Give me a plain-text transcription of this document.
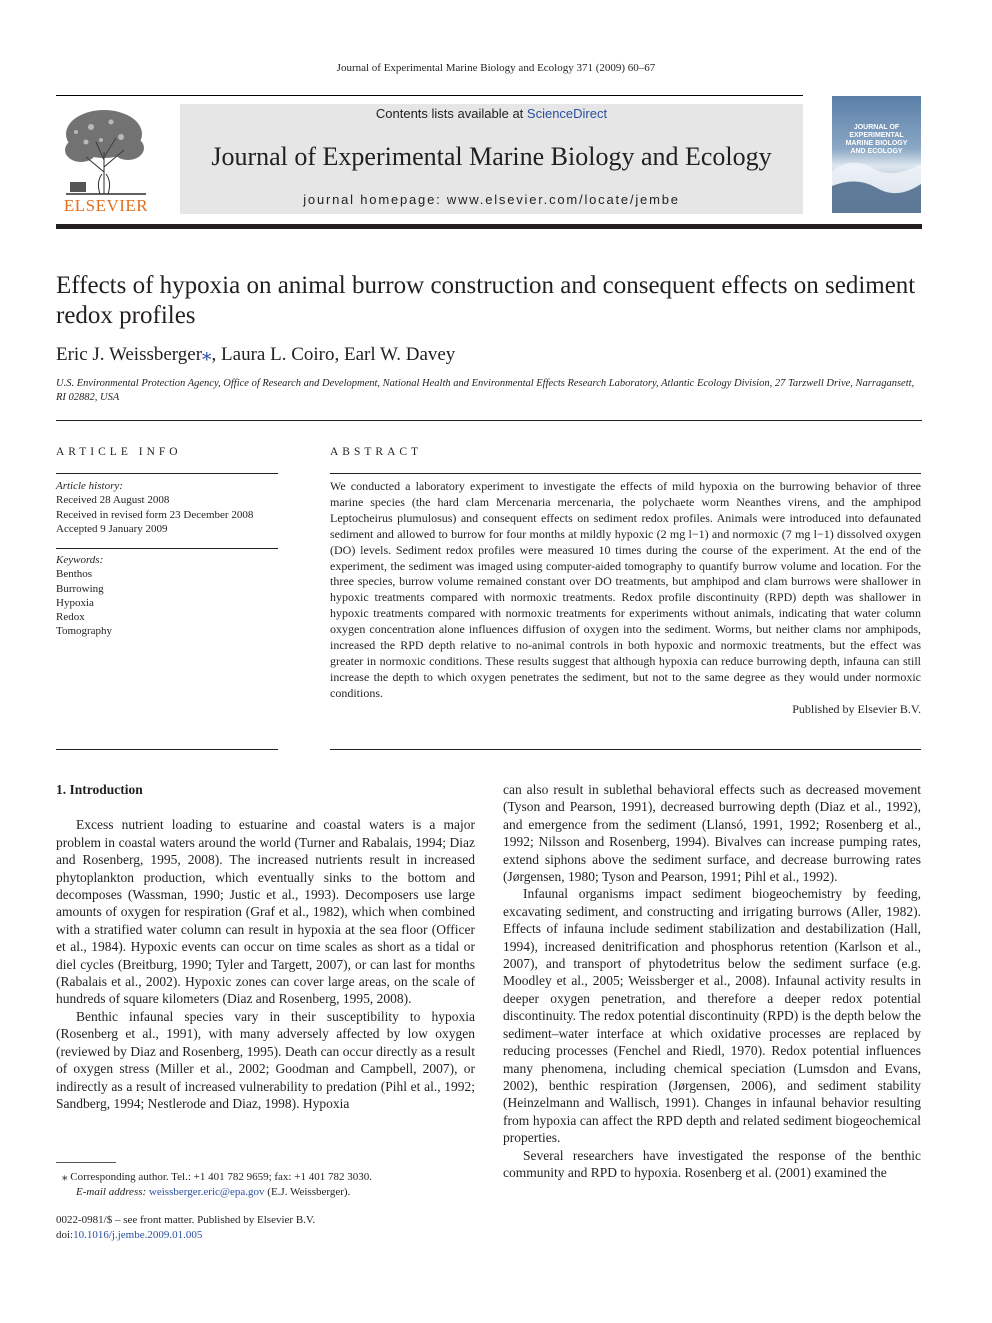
Journal of Experimental Marine Biology and Ecology 371 (2009) 60–67
ELSEVIER
Contents lists available at ScienceDirect
Journal of Experimental Marine Biology and Ecology
journal homepage: www.elsevier.com/locate/jembe
JOURNAL OF
EXPERIMENTAL
MARINE BIOLOGY
AND ECOLOGY
Effects of hypoxia on animal burrow construction and consequent effects on sediment redox profiles
Eric J. Weissberger⁎, Laura L. Coiro, Earl W. Davey
U.S. Environmental Protection Agency, Office of Research and Development, National Health and Environmental Effects Research Laboratory, Atlantic Ecology Division, 27 Tarzwell Drive, Narragansett, RI 02882, USA
ARTICLE INFO
Article history:
Received 28 August 2008
Received in revised form 23 December 2008
Accepted 9 January 2009
Keywords:
Benthos
Burrowing
Hypoxia
Redox
Tomography
ABSTRACT

We conducted a laboratory experiment to investigate the effects of mild hypoxia on the burrowing behavior of three marine species (the hard clam Mercenaria mercenaria, the polychaete worm Neanthes virens, and the amphipod Leptocheirus plumulosus) and consequent effects on sediment redox profiles. Animals were introduced into defaunated sediment and allowed to burrow for four months at mildly hypoxic (2 mg l−1) and normoxic (7 mg l−1) dissolved oxygen (DO) levels. Sediment redox profiles were measured 10 times during the course of the experiment. At the end of the experiment, the sediment was imaged using computer-aided tomography to quantify burrow volume and location. For the three species, burrow volume remained constant over DO treatments, but amphipod and clam burrows were shallower in hypoxic treatments compared with normoxic treatments. Redox profile discontinuity (RPD) depth was shallower in hypoxic treatments compared with normoxic treatments for experiments without animals, indicating that water column oxygen concentration alone influences diffusion of oxygen into the sediment. Worms, but neither clams nor amphipods, increased the RPD depth relative to no-animal controls in both hypoxic and normoxic treatments, but the effect was greater in normoxic conditions. These results suggest that although hypoxia can reduce burrowing depth, infauna can still increase the depth to which oxygen penetrates the sediment, but not to the same degree as they would under normoxic conditions.

Published by Elsevier B.V.
1. Introduction

Excess nutrient loading to estuarine and coastal waters is a major problem in coastal waters around the world (Turner and Rabalais, 1994; Diaz and Rosenberg, 1995, 2008). The increased nutrients result in increased phytoplankton production, which eventually sinks to the bottom and decomposes (Wassman, 1990; Justic et al., 1993). Decomposers use large amounts of oxygen for respiration (Graf et al., 1982), which when combined with a stratified water column can result in hypoxia at the sea floor (Officer et al., 1984). Hypoxic events can occur on time scales as short as a tidal or diel cycles (Breitburg, 1990; Tyler and Targett, 2007), or can last for months (Rabalais et al., 2002). Hypoxic zones can cover large areas, on the scale of hundreds of square kilometers (Diaz and Rosenberg, 1995, 2008).

Benthic infaunal species vary in their susceptibility to hypoxia (Rosenberg et al., 1991), with many adversely affected by low oxygen (reviewed by Diaz and Rosenberg, 1995). Death can occur directly as a result of oxygen stress (Miller et al., 2002; Goodman and Campbell, 2007), or indirectly as a result of increased vulnerability to predation (Pihl et al., 1992; Sandberg, 1994; Nestlerode and Diaz, 1998). Hypoxia

can also result in sublethal behavioral effects such as decreased movement (Tyson and Pearson, 1991), decreased burrowing depth (Diaz et al., 1992), and emergence from the sediment (Llansó, 1991, 1992; Rosenberg et al., 1992; Nilsson and Rosenberg, 1994). Bivalves can increase pumping rates, extend siphons above the sediment surface, and decrease burrowing rates (Jørgensen, 1980; Tyson and Pearson, 1991; Pihl et al., 1992).

Infaunal organisms impact sediment biogeochemistry by feeding, excavating sediment, and constructing and irrigating burrows (Aller, 1982). Effects of infauna include sediment stabilization and destabilization (Hall, 1994), increased denitrification and phosphorus retention (Karlson et al., 2007), and transport of phytodetritus below the sediment surface (e.g. Moodley et al., 2005; Weissberger et al., 2008). Infaunal activity results in deeper oxygen penetration, and therefore a deeper redox potential discontinuity. The redox potential discontinuity (RPD) is the depth below the sediment–water interface at which oxidative processes are replaced by reducing processes (Fenchel and Riedl, 1970). Redox potential influences many phenomena, including chemical speciation (Lumsdon and Evans, 2002), benthic respiration (Jørgensen, 2006), and sediment stability (Heinzelmann and Wallisch, 1991). Changes in infaunal behavior resulting from hypoxia can affect the RPD depth and related sediment biogeochemical properties.

Several researchers have investigated the response of the benthic community and RPD to hypoxia. Rosenberg et al. (2001) examined the

⁎ Corresponding author. Tel.: +1 401 782 9659; fax: +1 401 782 3030.
E-mail address: weissberger.eric@epa.gov (E.J. Weissberger).
0022-0981/$ – see front matter. Published by Elsevier B.V.
doi:10.1016/j.jembe.2009.01.005
